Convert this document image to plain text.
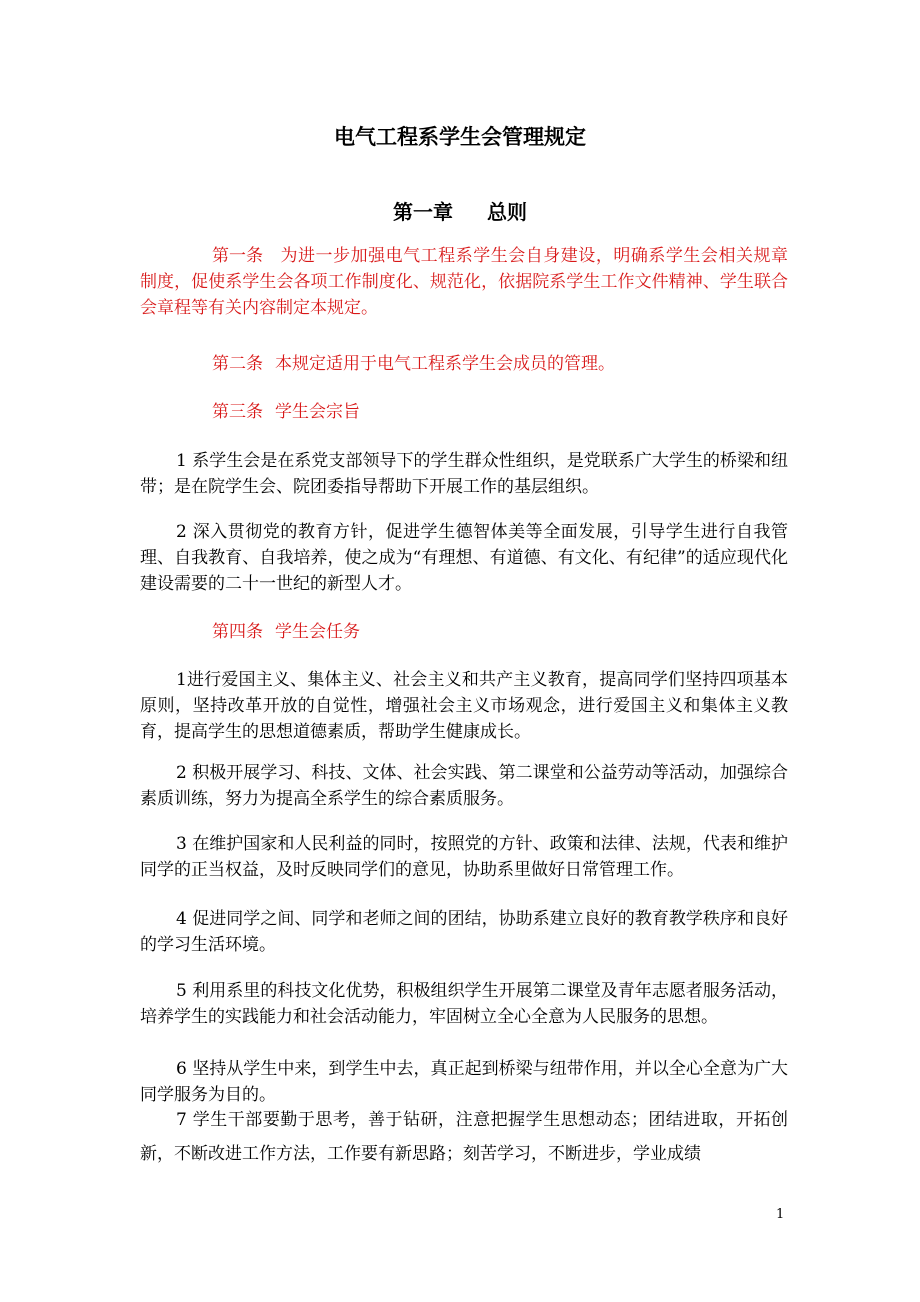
电气工程系学生会管理规定
第一章 总则

第一条 为进一步加强电气工程系学生会自身建设，明确系学生会相关规章制度，促使系学生会各项工作制度化、规范化，依据院系学生工作文件精神、学生联合会章程等有关内容制定本规定。

第二条 本规定适用于电气工程系学生会成员的管理。

第三条 学生会宗旨

1 系学生会是在系党支部领导下的学生群众性组织，是党联系广大学生的桥梁和纽带；是在院学生会、院团委指导帮助下开展工作的基层组织。

2 深入贯彻党的教育方针，促进学生德智体美等全面发展，引导学生进行自我管理、自我教育、自我培养，使之成为“有理想、有道德、有文化、有纪律”的适应现代化建设需要的二十一世纪的新型人才。

第四条 学生会任务

1进行爱国主义、集体主义、社会主义和共产主义教育，提高同学们坚持四项基本原则，坚持改革开放的自觉性，增强社会主义市场观念，进行爱国主义和集体主义教育，提高学生的思想道德素质，帮助学生健康成长。

2 积极开展学习、科技、文体、社会实践、第二课堂和公益劳动等活动，加强综合素质训练，努力为提高全系学生的综合素质服务。

3 在维护国家和人民利益的同时，按照党的方针、政策和法律、法规，代表和维护同学的正当权益，及时反映同学们的意见，协助系里做好日常管理工作。

4 促进同学之间、同学和老师之间的团结，协助系建立良好的教育教学秩序和良好的学习生活环境。

5 利用系里的科技文化优势，积极组织学生开展第二课堂及青年志愿者服务活动，培养学生的实践能力和社会活动能力，牢固树立全心全意为人民服务的思想。

6 坚持从学生中来，到学生中去，真正起到桥梁与纽带作用，并以全心全意为广大同学服务为目的。

7 学生干部要勤于思考，善于钻研，注意把握学生思想动态；团结进取，开拓创新，不断改进工作方法，工作要有新思路；刻苦学习，不断进步，学业成绩

1
